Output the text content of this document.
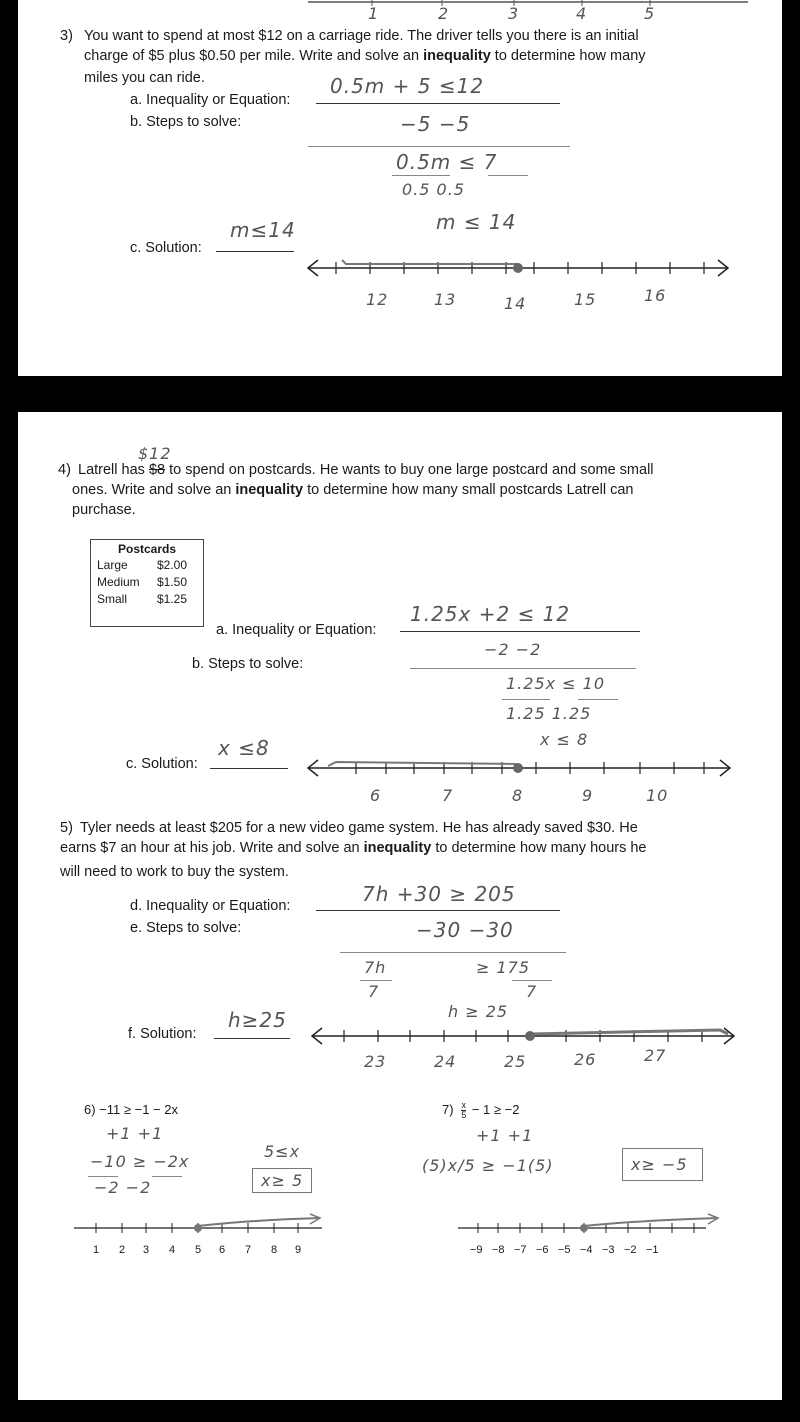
1	2	3	4	5
3) You want to spend at most $12 on a carriage ride. The driver tells you there is an initial
charge of $5 plus $0.50 per mile. Write and solve an inequality to determine how many
miles you can ride.
a. Inequality or Equation:
0.5m + 5 ≤12
b. Steps to solve:	−5 −5
0.5m ≤ 7
0.5 0.5
m ≤ 14
c. Solution:
m≤14
12	13	14	15	16
$12
4) Latrell has $8 to spend on postcards. He wants to buy one large postcard and some small
ones. Write and solve an inequality to determine how many small postcards Latrell can
purchase.
Postcards
Large $2.00
Medium $1.50
Small $1.25
a. Inequality or Equation:
1.25x +2 ≤ 12
b. Steps to solve:
−2 −2
1.25x ≤ 10
1.25 1.25
x ≤ 8
c. Solution:
x ≤8
6	7	8	9	10
5) Tyler needs at least $205 for a new video game system. He has already saved $30. He
earns $7 an hour at his job. Write and solve an inequality to determine how many hours he
will need to work to buy the system.
d. Inequality or Equation:	7h +30 ≥ 205
e. Steps to solve:	−30 −30
7h
7
≥ 175
7
h ≥ 25
f. Solution:
h≥25
23	24	25	26	27
6) −11 ≥ −1 − 2x
+1 +1
−10 ≥ −2x
−2 −2
5≤x
x≥ 5
1 2 3 4 5 6 7 8 9
$7) \frac{x}{5} - 1 \ge -2$
+1 +1
(5)x/5 ≥ −1(5)	x≥ −5
−9 −8 −7 −6 −5 −4 −3 −2 −1
